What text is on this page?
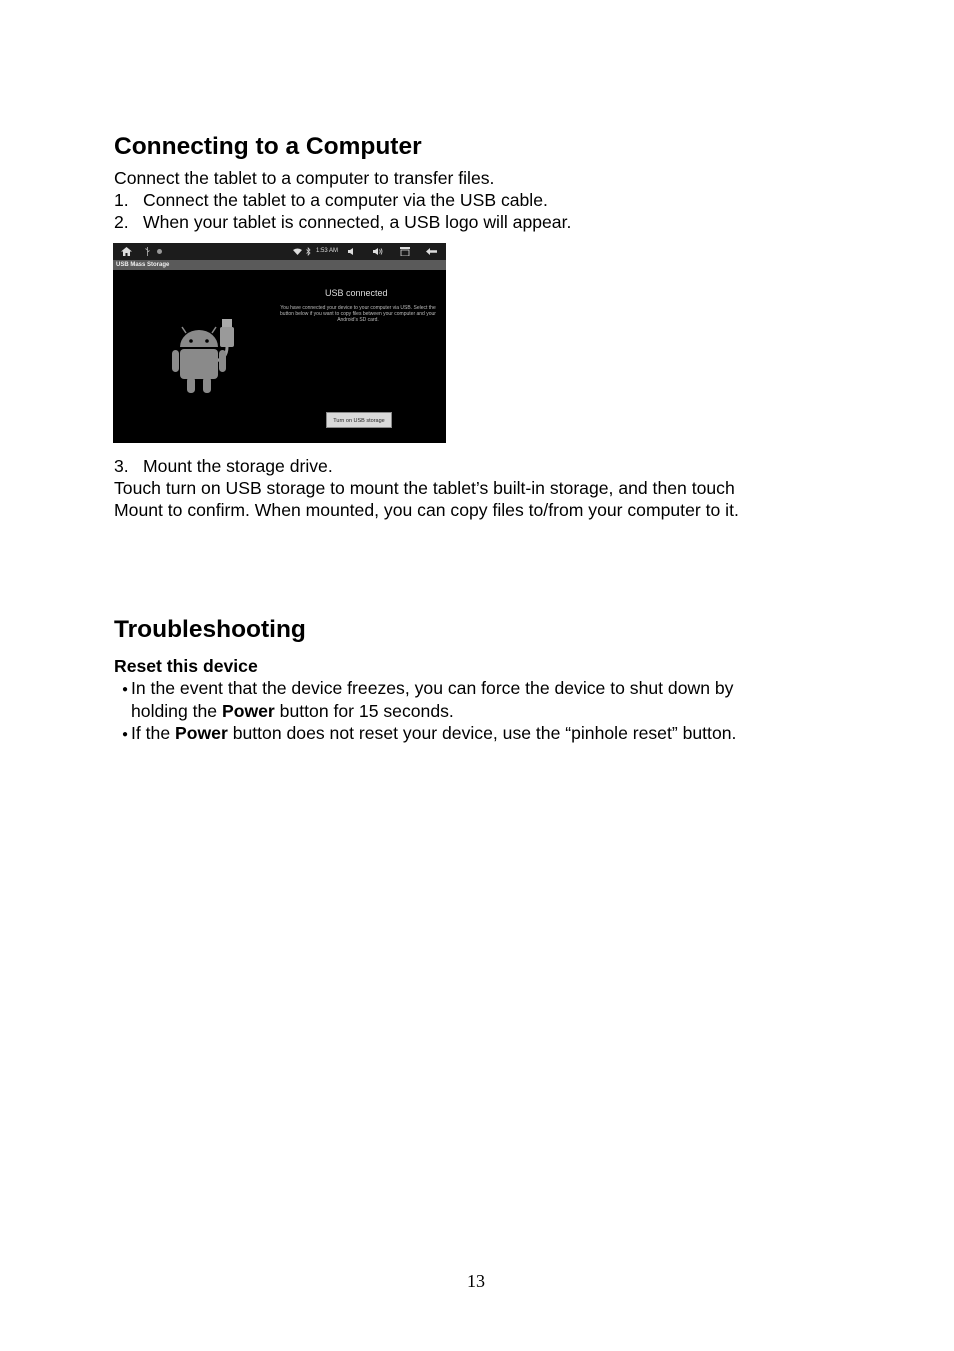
Connecting to a Computer
Connect the tablet to a computer to transfer files.
1. Connect the tablet to a computer via the USB cable.
2. When your tablet is connected, a USB logo will appear.
1:53 AM
USB Mass Storage
USB connected
You have connected your device to your computer via USB. Select the button below if you want to copy files between your computer and your Android’s SD card.
Turn on USB storage
3. Mount the storage drive.
Touch turn on USB storage to mount the tablet’s built-in storage, and then touch
Mount to confirm. When mounted, you can copy files to/from your computer to it.
Troubleshooting
Reset this device
● In the event that the device freezes, you can force the device to shut down by
holding the Power button for 15 seconds.
● If the Power button does not reset your device, use the “pinhole reset” button.
13
